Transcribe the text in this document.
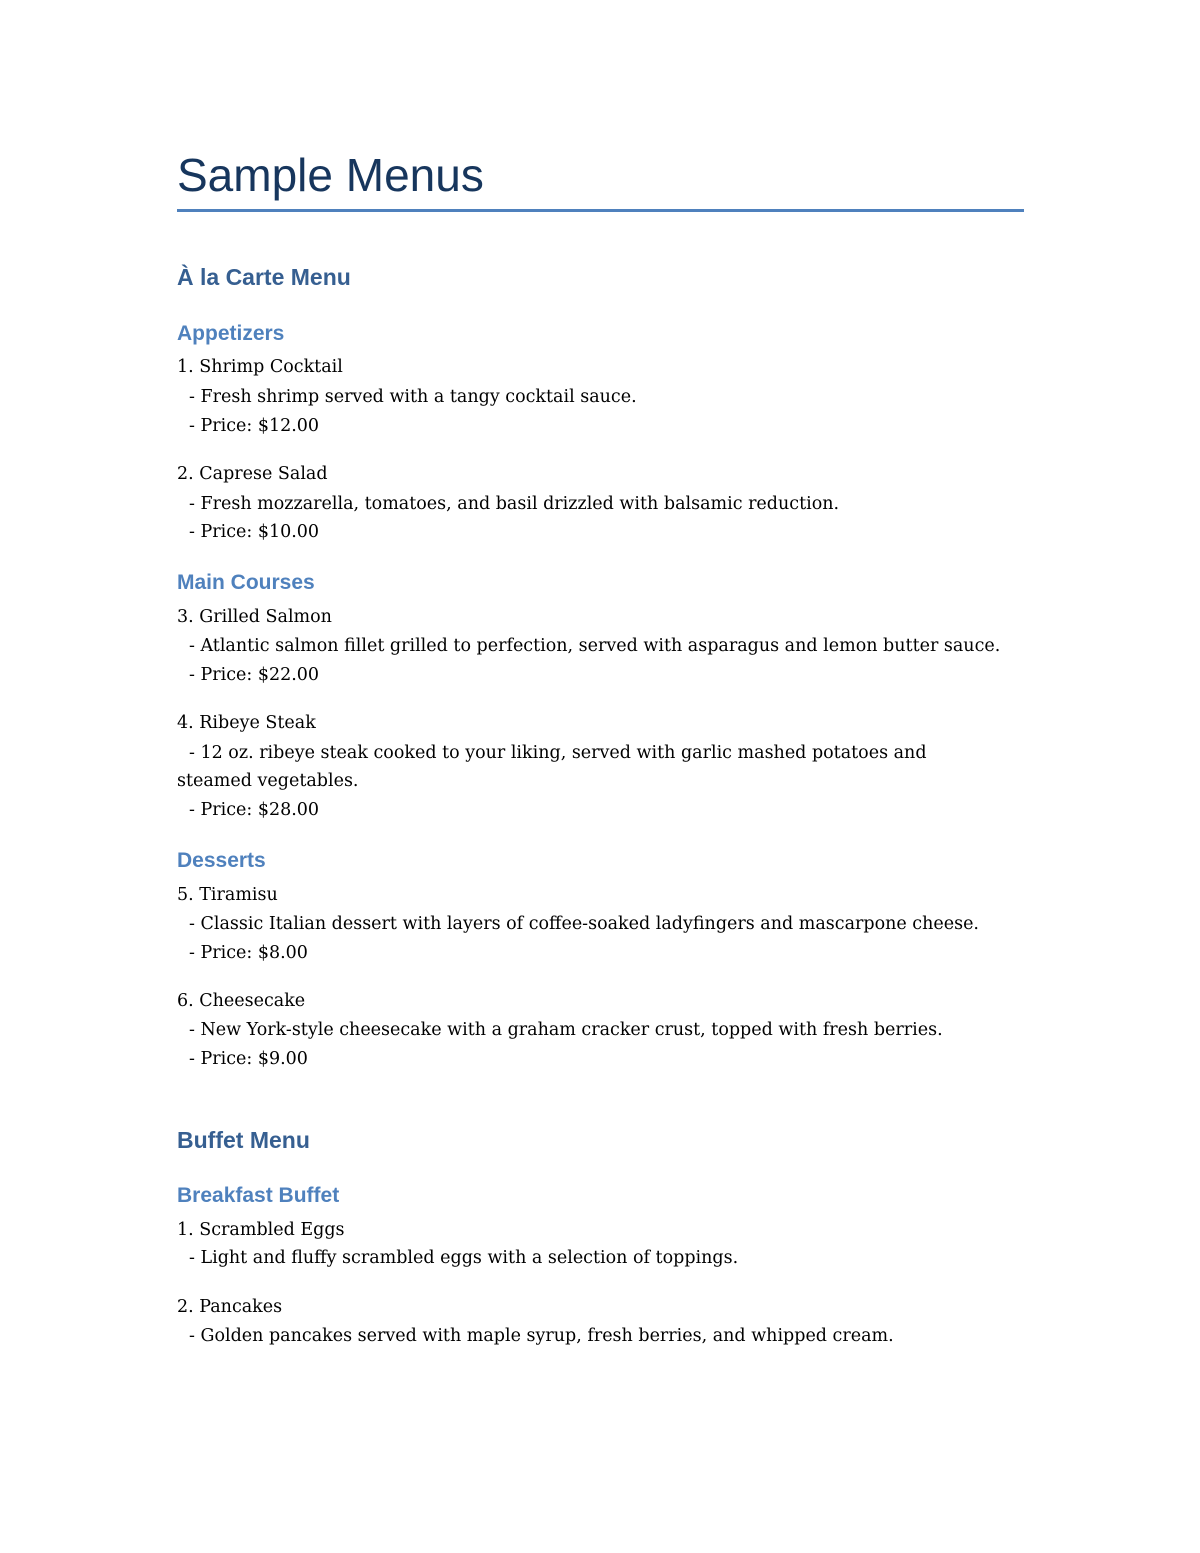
Sample Menus
À la Carte Menu
Appetizers

1. Shrimp Cocktail

- Fresh shrimp served with a tangy cocktail sauce.

- Price: $12.00

2. Caprese Salad

- Fresh mozzarella, tomatoes, and basil drizzled with balsamic reduction.

- Price: $10.00

Main Courses

3. Grilled Salmon

- Atlantic salmon fillet grilled to perfection, served with asparagus and lemon butter sauce.

- Price: $22.00

4. Ribeye Steak

- 12 oz. ribeye steak cooked to your liking, served with garlic mashed potatoes and

steamed vegetables.

- Price: $28.00

Desserts

5. Tiramisu

- Classic Italian dessert with layers of coffee-soaked ladyfingers and mascarpone cheese.

- Price: $8.00

6. Cheesecake

- New York-style cheesecake with a graham cracker crust, topped with fresh berries.

- Price: $9.00

Buffet Menu
Breakfast Buffet

1. Scrambled Eggs

- Light and fluffy scrambled eggs with a selection of toppings.

2. Pancakes

- Golden pancakes served with maple syrup, fresh berries, and whipped cream.
